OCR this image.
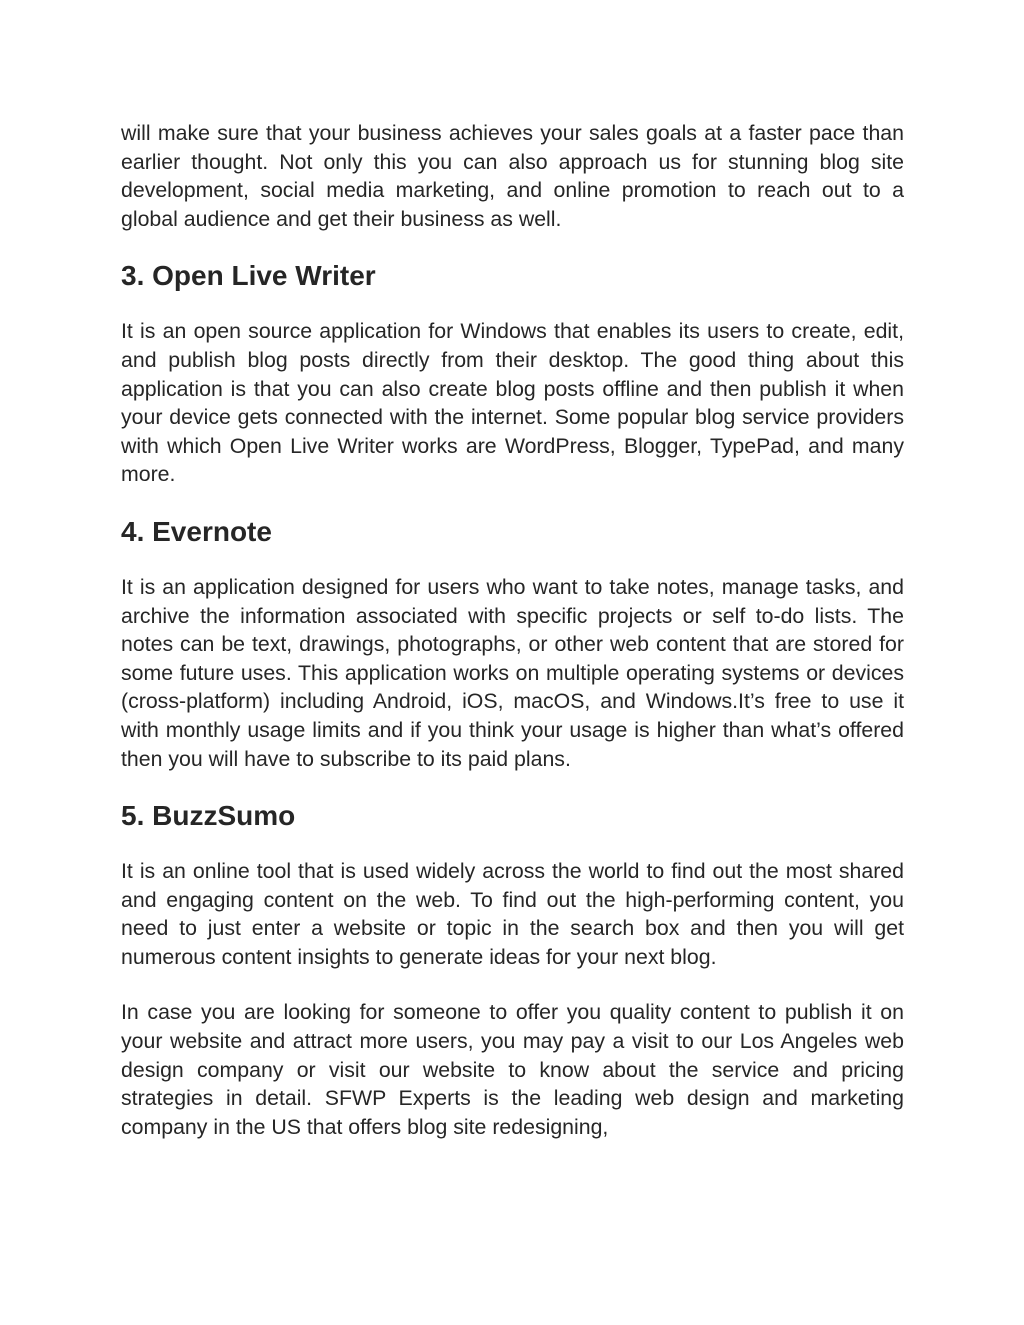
will make sure that your business achieves your sales goals at a faster pace than earlier thought. Not only this you can also approach us for stunning blog site development, social media marketing, and online promotion to reach out to a global audience and get their business as well.

3. Open Live Writer

It is an open source application for Windows that enables its users to create, edit, and publish blog posts directly from their desktop. The good thing about this application is that you can also create blog posts offline and then publish it when your device gets connected with the internet. Some popular blog service providers with which Open Live Writer works are WordPress, Blogger, TypePad, and many more.

4. Evernote

It is an application designed for users who want to take notes, manage tasks, and archive the information associated with specific projects or self to-do lists. The notes can be text, drawings, photographs, or other web content that are stored for some future uses. This application works on multiple operating systems or devices (cross-platform) including Android, iOS, macOS, and Windows.It’s free to use it with monthly usage limits and if you think your usage is higher than what’s offered then you will have to subscribe to its paid plans.

5. BuzzSumo

It is an online tool that is used widely across the world to find out the most shared and engaging content on the web. To find out the high-performing content, you need to just enter a website or topic in the search box and then you will get numerous content insights to generate ideas for your next blog.

In case you are looking for someone to offer you quality content to publish it on your website and attract more users, you may pay a visit to our Los Angeles web design company or visit our website to know about the service and pricing strategies in detail. SFWP Experts is the leading web design and marketing company in the US that offers blog site redesigning,
